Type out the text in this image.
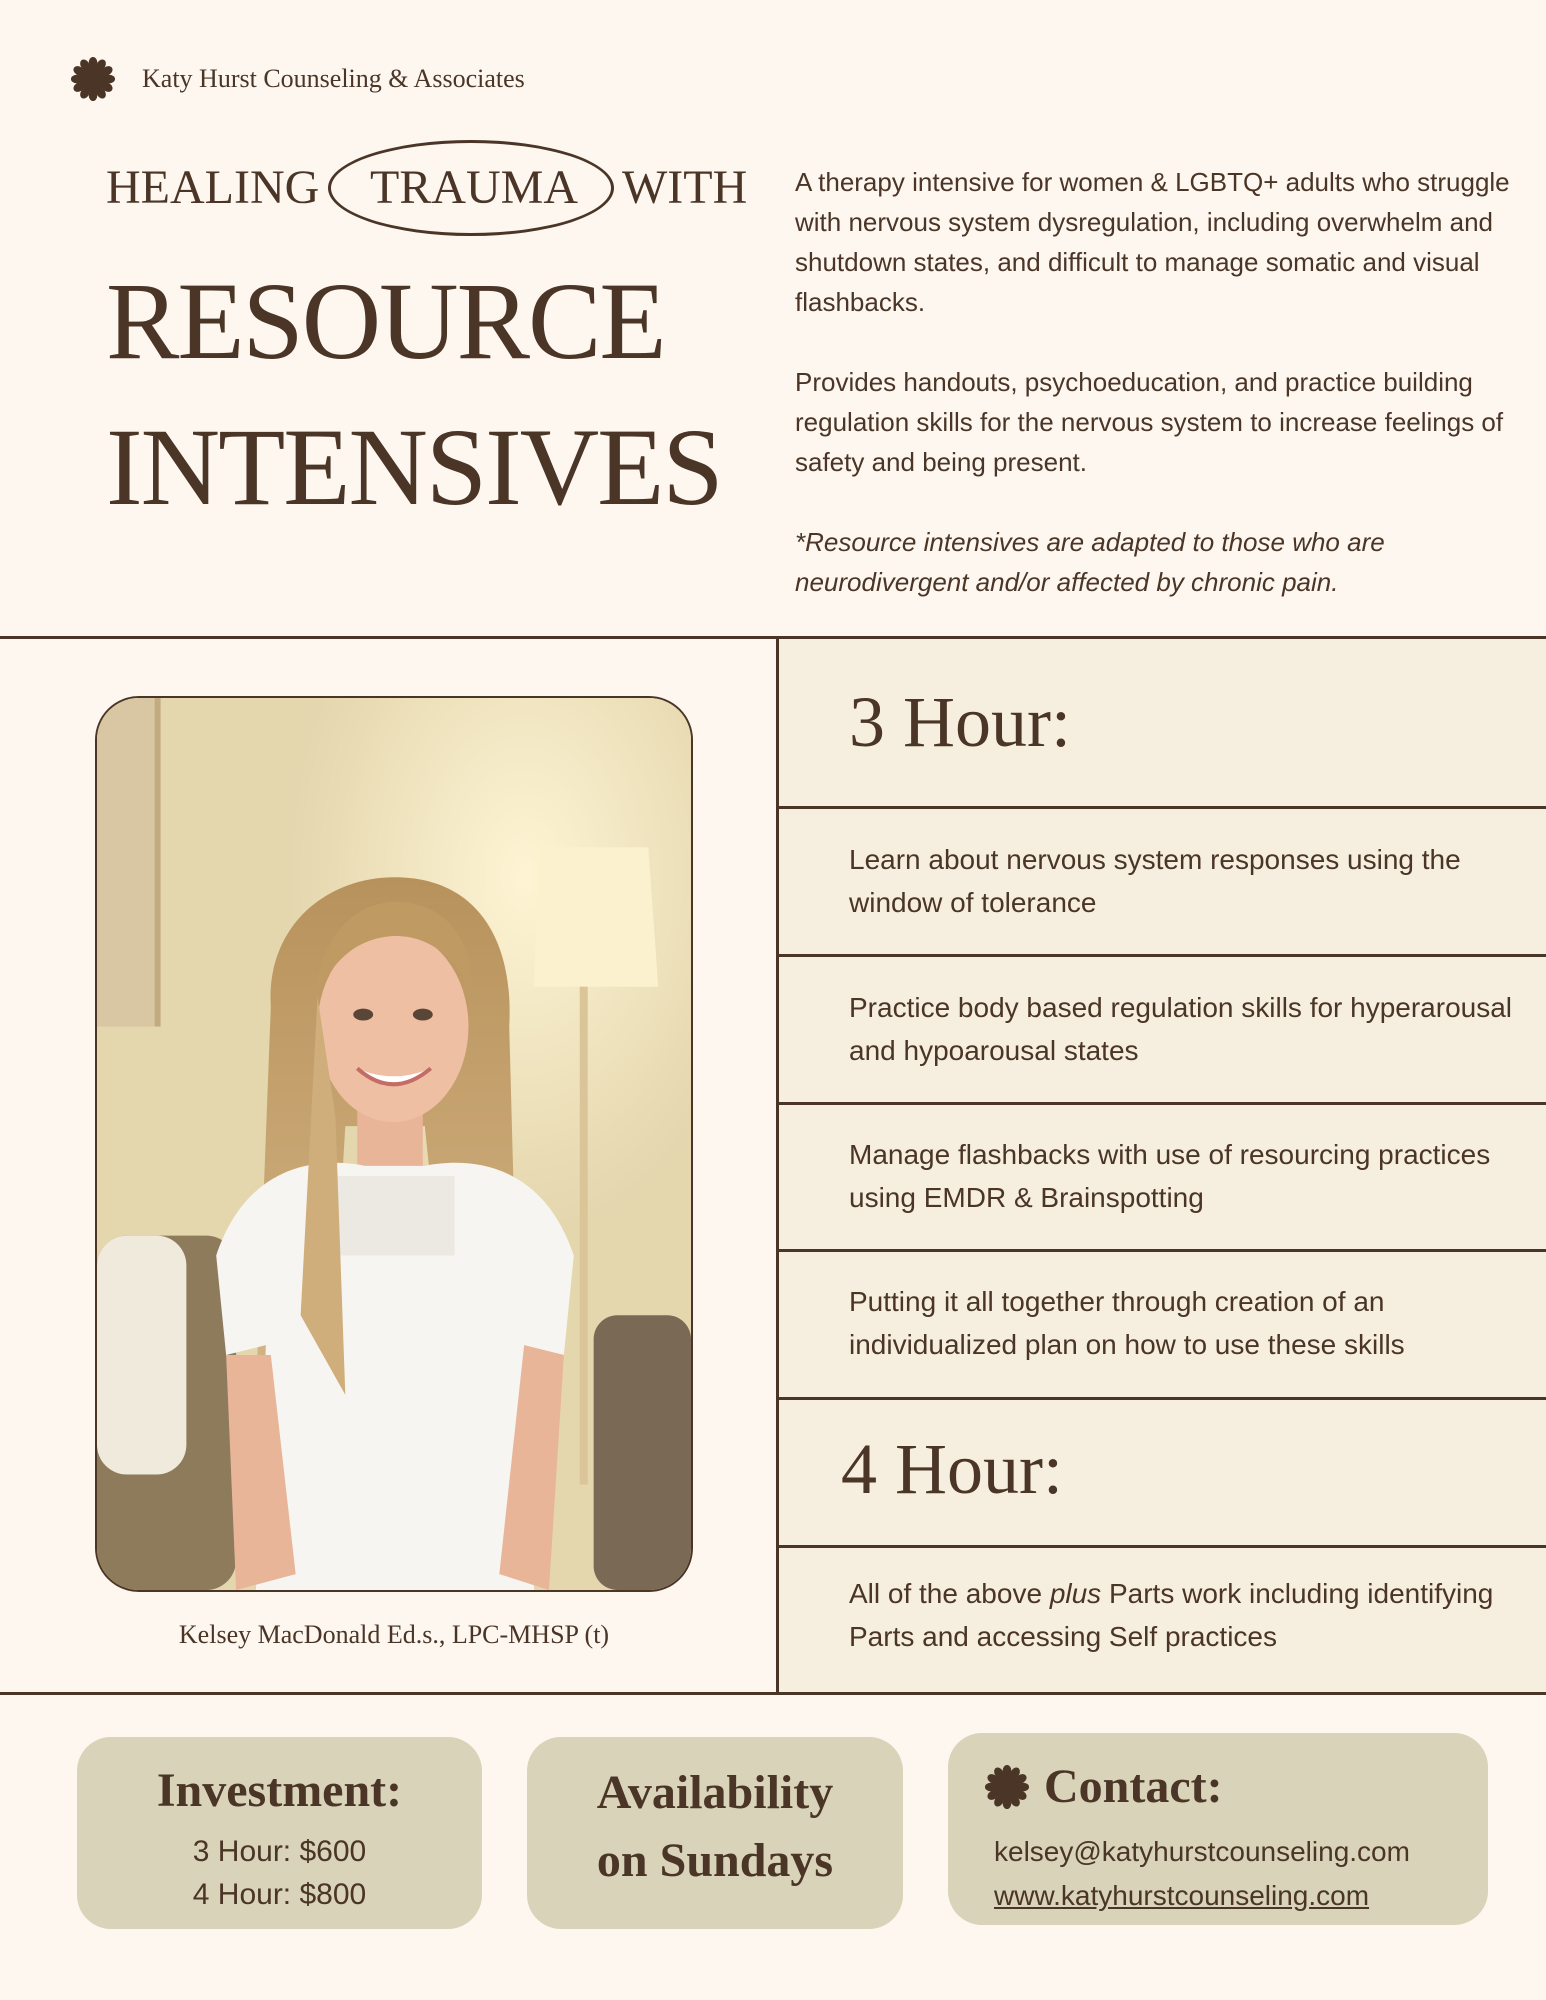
Katy Hurst Counseling & Associates
HEALING TRAUMA WITH
RESOURCE
INTENSIVES

A therapy intensive for women & LGBTQ+ adults who struggle with nervous system dysregulation, including overwhelm and shutdown states, and difficult to manage somatic and visual flashbacks.

Provides handouts, psychoeducation, and practice building regulation skills for the nervous system to increase feelings of safety and being present.

*Resource intensives are adapted to those who are neurodivergent and/or affected by chronic pain.

3 Hour:
Learn about nervous system responses using the window of tolerance
Practice body based regulation skills for hyperarousal and hypoarousal states
Manage flashbacks with use of resourcing practices using EMDR & Brainspotting
Putting it all together through creation of an individualized plan on how to use these skills
4 Hour:
All of the above plus Parts work including identifying Parts and accessing Self practices
Kelsey MacDonald Ed.s., LPC-MHSP (t)
Investment:
3 Hour: $600
4 Hour: $800
Availability
on Sundays
Contact:
kelsey@katyhurstcounseling.com
www.katyhurstcounseling.com
